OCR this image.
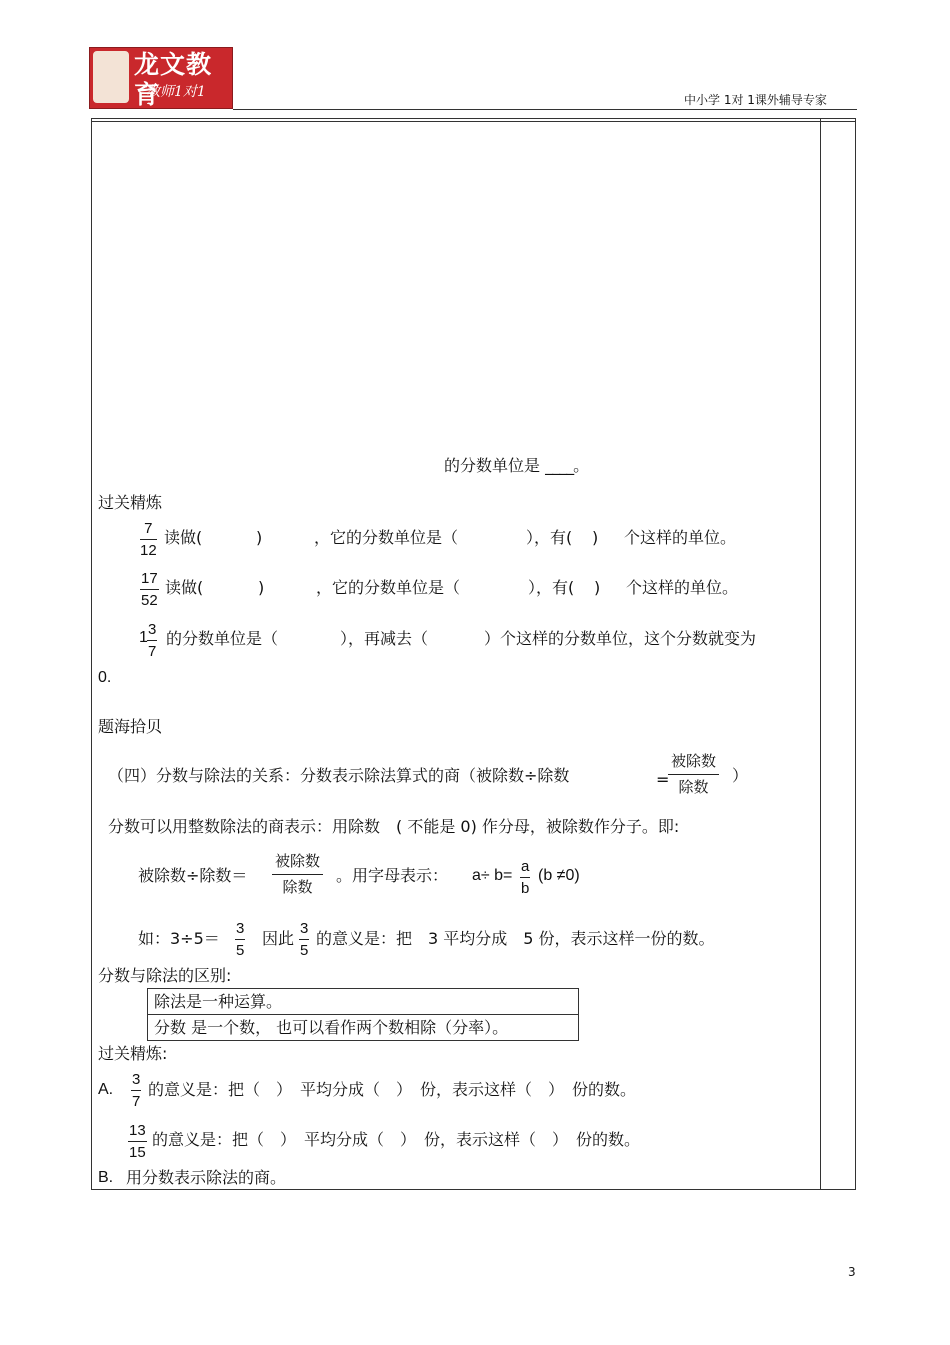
龙文教育
教师1对1	中小学 1对 1课外辅导专家
的分数单位是 ____。
过关精炼
$\frac{7}{12}$ 读做(	)	，它的分数单位是（	），有( ) 个这样的单位。
$\frac{17}{52}$ 读做(	)	，它的分数单位是（	），有( ) 个这样的单位。
$1 \frac{3}{7}$ 的分数单位是（	），再减去（	）个这样的分数单位，这个分数就变为
0.
题海拾贝
（四）分数与除法的关系：分数表示除法算式的商（被除数÷除数	=
被除数
除数
）
分数可以用整数除法的商表示：用除数　( 不能是 0) 作分母，被除数作分子。即:
被除数÷除数＝
被除数
除数
。用字母表示： $a\div b= \frac{a}{b} (b \ne 0)$
如：$3\div 5= \frac{3}{5}$ 因此 $\frac{3}{5}$ 的意义是：把　3 平均分成　5 份，表示这样一份的数。
分数与除法的区别:
除法是一种运算。
分数 是一个数， 也可以看作两个数相除（分率）。
过关精炼:
A. $\frac{3}{7}$ 的意义是：把（　）　平均分成（　）　份，表示这样（　）　份的数。
$\frac{13}{15}$ 的意义是：把（　）　平均分成（　）　份，表示这样（　）　份的数。
B. 用分数表示除法的商。
3
